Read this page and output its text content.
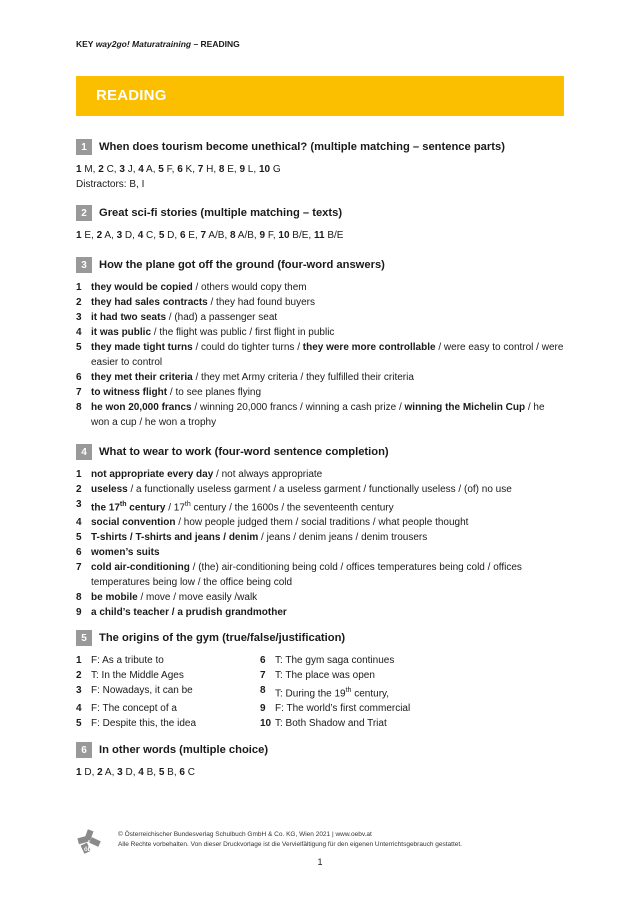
KEY way2go! Maturatraining – READING
READING
1	When does tourism become unethical? (multiple matching – sentence parts)
1 M, 2 C, 3 J, 4 A, 5 F, 6 K, 7 H, 8 E, 9 L, 10 G
Distractors: B, I
2	Great sci-fi stories (multiple matching – texts)
1 E, 2 A, 3 D, 4 C, 5 D, 6 E, 7 A/B, 8 A/B, 9 F, 10 B/E, 11 B/E
3	How the plane got off the ground (four-word answers)
1 they would be copied / others would copy them
2 they had sales contracts / they had found buyers
3 it had two seats / (had) a passenger seat
4 it was public / the flight was public / first flight in public
5 they made tight turns / could do tighter turns / they were more controllable / were easy to control / were easier to control
6 they met their criteria / they met Army criteria / they fulfilled their criteria
7 to witness flight / to see planes flying
8 he won 20,000 francs / winning 20,000 francs / winning a cash prize / winning the Michelin Cup / he won a cup / he won a trophy
4	What to wear to work (four-word sentence completion)
1 not appropriate every day / not always appropriate
2 useless / a functionally useless garment / a useless garment / functionally useless / (of) no use
3 the 17th century / 17th century / the 1600s / the seventeenth century
4 social convention / how people judged them / social traditions / what people thought
5 T-shirts / T-shirts and jeans / denim / jeans / denim jeans / denim trousers
6 women’s suits
7 cold air-conditioning / (the) air-conditioning being cold / offices temperatures being cold / offices temperatures being low / the office being cold
8 be mobile / move / move easily /walk
9 a child’s teacher / a prudish grandmother
5	The origins of the gym (true/false/justification)
1 F: As a tribute to	6 T: The gym saga continues
2 T: In the Middle Ages	7 T: The place was open
3 F: Nowadays, it can be	8 T: During the 19th century,
4 F: The concept of a	9 F: The world’s first commercial
5 F: Despite this, the idea	10 T: Both Shadow and Triat
6	In other words (multiple choice)
1 D, 2 A, 3 D, 4 B, 5 B, 6 C
öbv
© Österreichischer Bundesverlag Schulbuch GmbH & Co. KG, Wien 2021 | www.oebv.at
Alle Rechte vorbehalten. Von dieser Druckvorlage ist die Vervielfältigung für den eigenen Unterrichtsgebrauch gestattet.
1
